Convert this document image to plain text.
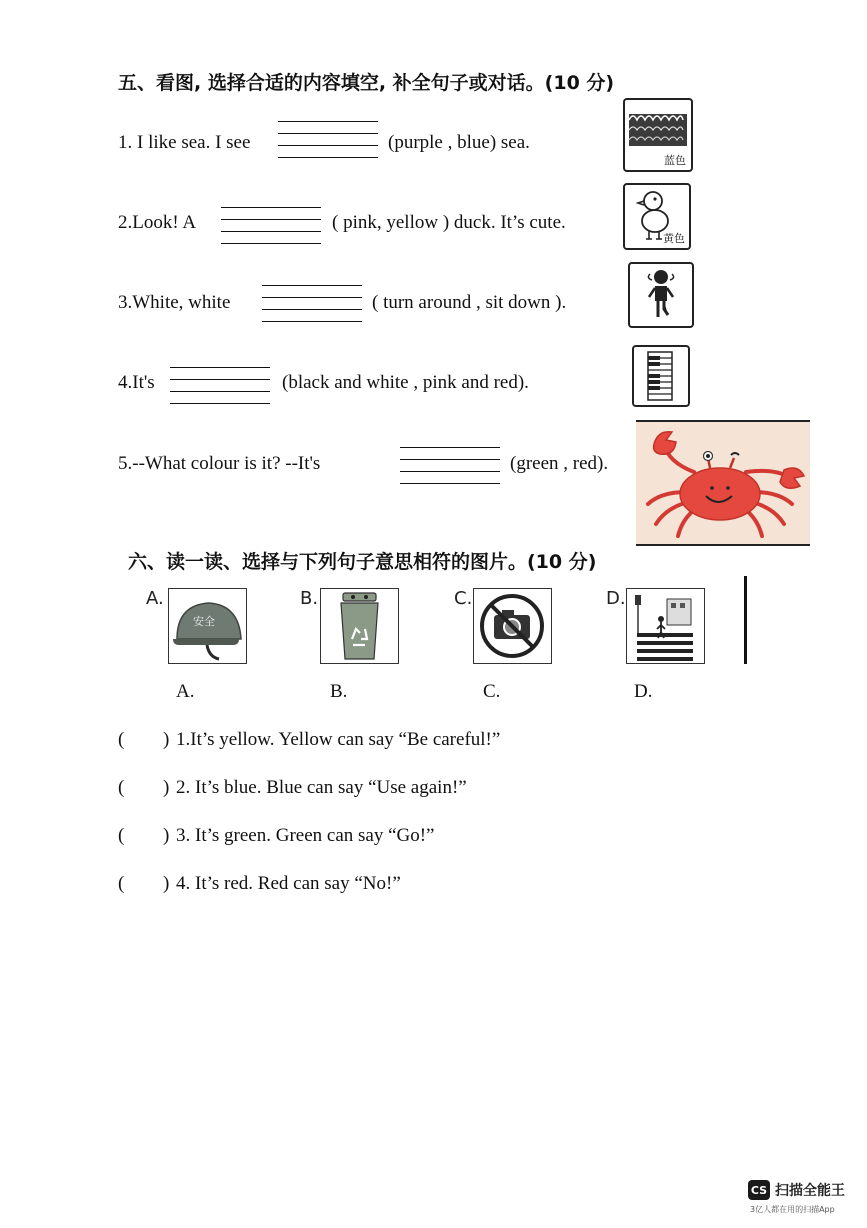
五、看图, 选择合适的内容填空, 补全句子或对话。(10 分)
1. I like sea. I see	(purple , blue) sea.
蓝色
2.Look! A	( pink, yellow ) duck. It’s cute.
黄色
3.White, white	( turn around , sit down ).
4.It's	(black and white , pink and red).
5.--What colour is it? --It's	(green , red).
六、读一读、选择与下列句子意思相符的图片。(10 分)
A.
安全
A.
B.
B.
C.
C.
D.
D.
( ) 1.It’s yellow. Yellow can say “Be careful!”
( ) 2. It’s blue. Blue can say “Use again!”
( ) 3. It’s green. Green can say “Go!”
( ) 4. It’s red. Red can say “No!”
CS 扫描全能王
3亿人都在用的扫描App
